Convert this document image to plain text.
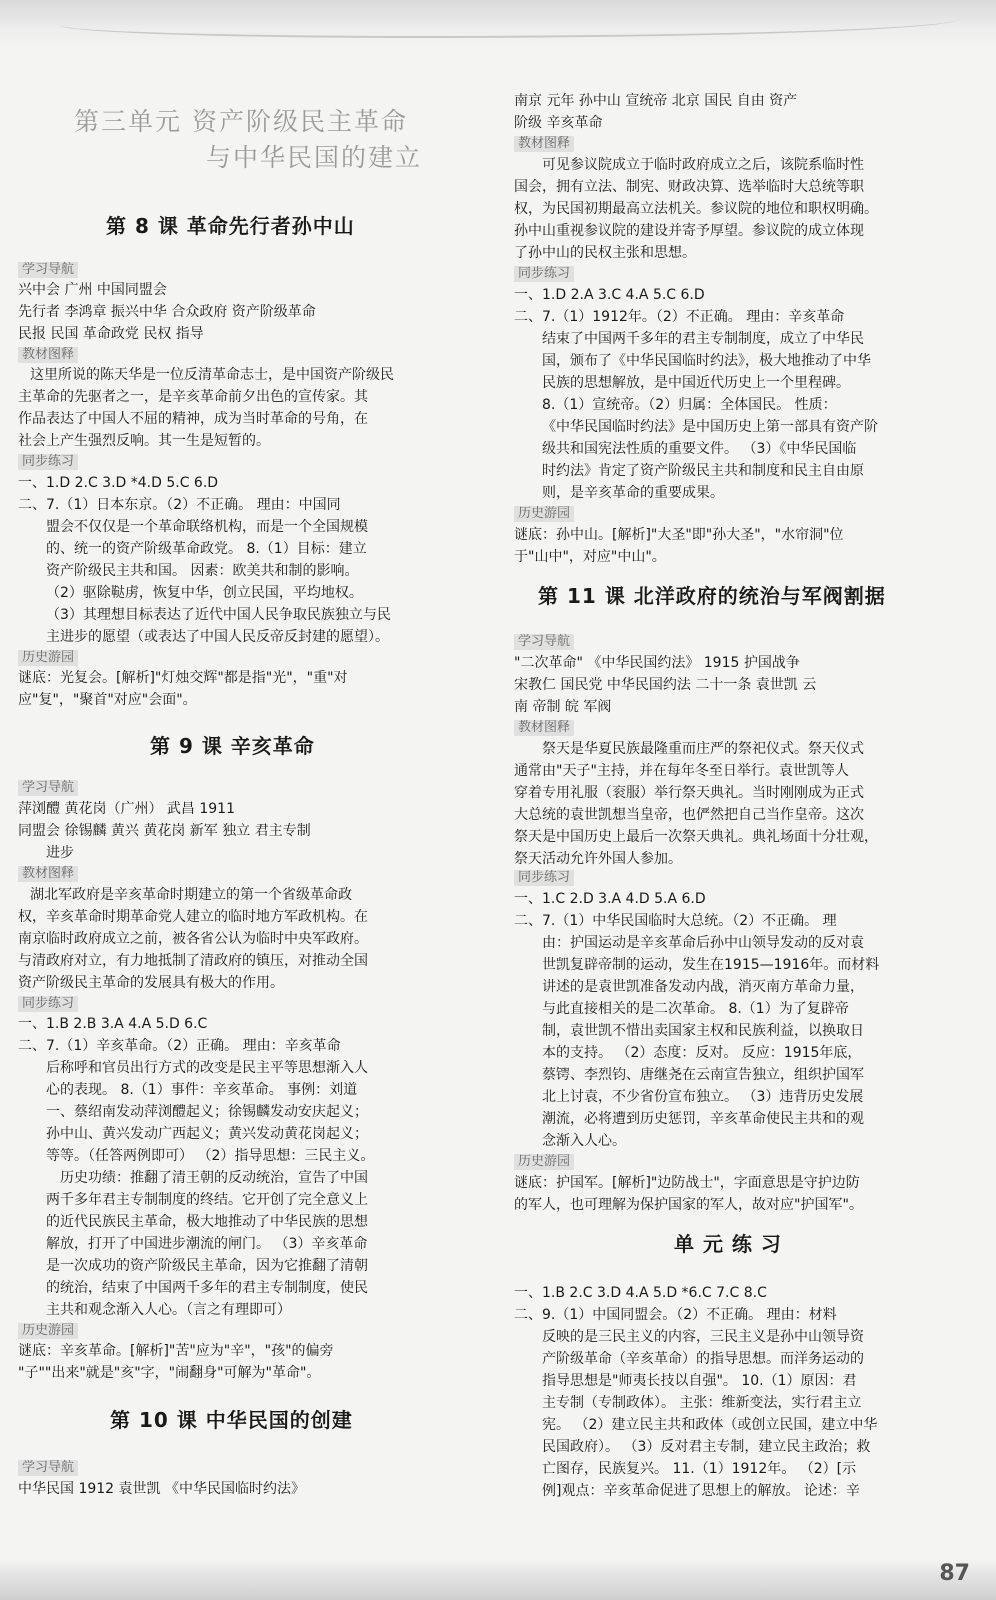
第三单元 资产阶级民主革命
与中华民国的建立
第 8 课 革命先行者孙中山
学习导航
兴中会 广州 中国同盟会
先行者 李鸿章 振兴中华 合众政府 资产阶级革命
民报 民国 革命政党 民权 指导
教材图释
这里所说的陈天华是一位反清革命志士，是中国资产阶级民
主革命的先驱者之一，是辛亥革命前夕出色的宣传家。其
作品表达了中国人不屈的精神，成为当时革命的号角，在
社会上产生强烈反响。其一生是短暂的。
同步练习
一、1.D 2.C 3.D *4.D 5.C 6.D
二、7.（1）日本东京。（2）不正确。 理由：中国同
盟会不仅仅是一个革命联络机构，而是一个全国规模
的、统一的资产阶级革命政党。 8.（1）目标：建立
资产阶级民主共和国。 因素：欧美共和制的影响。
（2）驱除鞑虏，恢复中华，创立民国，平均地权。
（3）其理想目标表达了近代中国人民争取民族独立与民
主进步的愿望（或表达了中国人民反帝反封建的愿望）。
历史游园
谜底：光复会。[解析]"灯烛交辉"都是指"光"，"重"对
应"复"，"聚首"对应"会面"。
第 9 课 辛亥革命
学习导航
萍浏醴 黄花岗（广州） 武昌 1911
同盟会 徐锡麟 黄兴 黄花岗 新军 独立 君主专制
进步
教材图释
湖北军政府是辛亥革命时期建立的第一个省级革命政
权，辛亥革命时期革命党人建立的临时地方军政机构。在
南京临时政府成立之前，被各省公认为临时中央军政府。
与清政府对立，有力地抵制了清政府的镇压，对推动全国
资产阶级民主革命的发展具有极大的作用。
同步练习
一、1.B 2.B 3.A 4.A 5.D 6.C
二、7.（1）辛亥革命。（2）正确。 理由：辛亥革命
后称呼和官员出行方式的改变是民主平等思想渐入人
心的表现。 8.（1）事件：辛亥革命。 事例：刘道
一、蔡绍南发动萍浏醴起义；徐锡麟发动安庆起义；
孙中山、黄兴发动广西起义；黄兴发动黄花岗起义；
等等。（任答两例即可） （2）指导思想：三民主义。
历史功绩：推翻了清王朝的反动统治，宣告了中国
两千多年君主专制制度的终结。它开创了完全意义上
的近代民族民主革命，极大地推动了中华民族的思想
解放，打开了中国进步潮流的闸门。 （3）辛亥革命
是一次成功的资产阶级民主革命，因为它推翻了清朝
的统治，结束了中国两千多年的君主专制制度，使民
主共和观念渐入人心。（言之有理即可）
历史游园
谜底：辛亥革命。[解析]"苦"应为"辛"，"孩"的偏旁
"子""出来"就是"亥"字，"闹翻身"可解为"革命"。
第 10 课 中华民国的创建
学习导航
中华民国 1912 袁世凯 《中华民国临时约法》
南京 元年 孙中山 宣统帝 北京 国民 自由 资产
阶级 辛亥革命
教材图释
可见参议院成立于临时政府成立之后，该院系临时性
国会，拥有立法、制宪、财政决算、选举临时大总统等职
权，为民国初期最高立法机关。参议院的地位和职权明确。
孙中山重视参议院的建设并寄予厚望。参议院的成立体现
了孙中山的民权主张和思想。
同步练习
一、1.D 2.A 3.C 4.A 5.C 6.D
二、7.（1）1912年。（2）不正确。 理由：辛亥革命
结束了中国两千多年的君主专制制度，成立了中华民
国，颁布了《中华民国临时约法》，极大地推动了中华
民族的思想解放，是中国近代历史上一个里程碑。
8.（1）宣统帝。（2）归属：全体国民。 性质：
《中华民国临时约法》是中国历史上第一部具有资产阶
级共和国宪法性质的重要文件。 （3）《中华民国临
时约法》肯定了资产阶级民主共和制度和民主自由原
则，是辛亥革命的重要成果。
历史游园
谜底：孙中山。[解析]"大圣"即"孙大圣"，"水帘洞"位
于"山中"，对应"中山"。
第 11 课 北洋政府的统治与军阀割据
学习导航
"二次革命" 《中华民国约法》 1915 护国战争
宋教仁 国民党 中华民国约法 二十一条 袁世凯 云
南 帝制 皖 军阀
教材图释
祭天是华夏民族最隆重而庄严的祭祀仪式。祭天仪式
通常由"天子"主持，并在每年冬至日举行。袁世凯等人
穿着专用礼服（衮服）举行祭天典礼。当时刚刚成为正式
大总统的袁世凯想当皇帝，也俨然把自己当作皇帝。这次
祭天是中国历史上最后一次祭天典礼。典礼场面十分壮观，
祭天活动允许外国人参加。
同步练习
一、1.C 2.D 3.A 4.D 5.A 6.D
二、7.（1）中华民国临时大总统。（2）不正确。 理
由：护国运动是辛亥革命后孙中山领导发动的反对袁
世凯复辟帝制的运动，发生在1915—1916年。而材料
讲述的是袁世凯准备发动内战，消灭南方革命力量，
与此直接相关的是二次革命。 8.（1）为了复辟帝
制，袁世凯不惜出卖国家主权和民族利益，以换取日
本的支持。 （2）态度：反对。 反应：1915年底，
蔡锷、李烈钧、唐继尧在云南宣告独立，组织护国军
北上讨袁，不少省份宣布独立。 （3）违背历史发展
潮流，必将遭到历史惩罚，辛亥革命使民主共和的观
念渐入人心。
历史游园
谜底：护国军。[解析]"边防战士"，字面意思是守护边防
的军人，也可理解为保护国家的军人，故对应"护国军"。
单 元 练 习
一、1.B 2.C 3.D 4.A 5.D *6.C 7.C 8.C
二、9.（1）中国同盟会。（2）不正确。 理由：材料
反映的是三民主义的内容，三民主义是孙中山领导资
产阶级革命（辛亥革命）的指导思想。而洋务运动的
指导思想是"师夷长技以自强"。 10.（1）原因：君
主专制（专制政体）。 主张：维新变法，实行君主立
宪。 （2）建立民主共和政体（或创立民国，建立中华
民国政府）。 （3）反对君主专制，建立民主政治；救
亡图存，民族复兴。 11.（1）1912年。 （2）[示
例]观点：辛亥革命促进了思想上的解放。 论述：辛
87
